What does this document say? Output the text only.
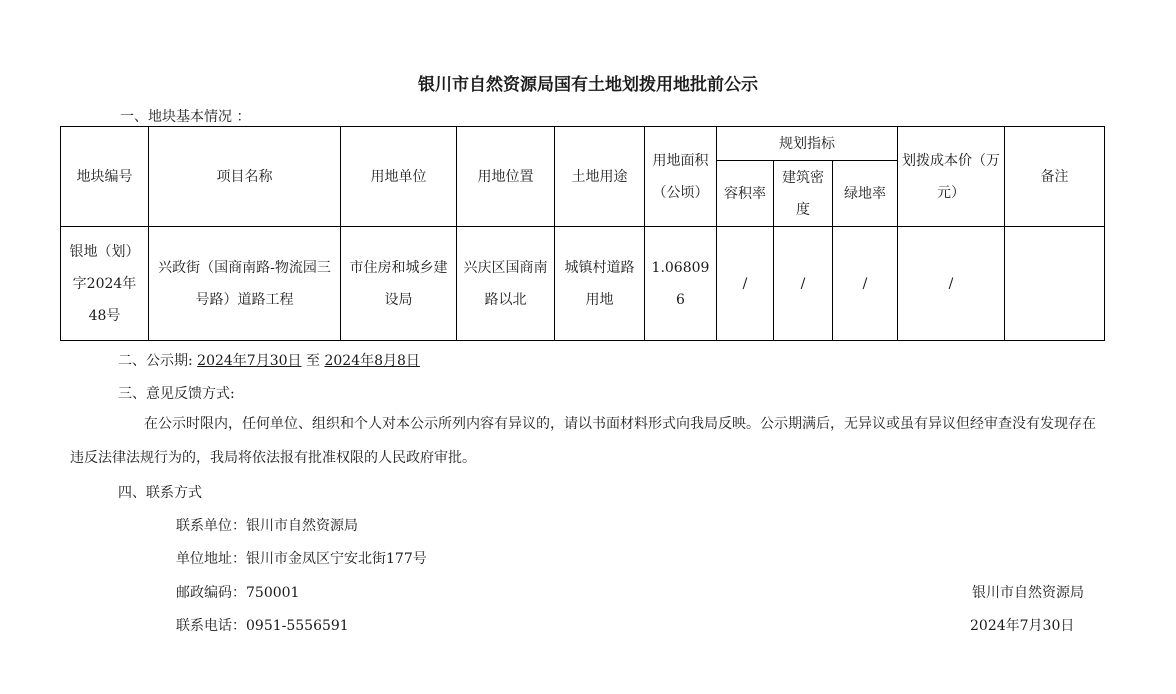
银川市自然资源局国有土地划拨用地批前公示
一、地块基本情况 ：
地块编号	项目名称	用地单位	用地位置	土地用途	用地面积（公顷）	规划指标			划拨成本价（万元）	备注
						容积率	建筑密度	绿地率		
银地（划）字2024年48号	兴政街（国商南路-物流园三号路）道路工程	市住房和城乡建设局	兴庆区国商南路以北	城镇村道路用地	1.068096	/	/	/	/	
二、公示期: 2024年7月30日 至 2024年8月8日
三、意见反馈方式:
在公示时限内，任何单位、组织和个人对本公示所列内容有异议的，请以书面材料形式向我局反映。公示期满后，无异议或虽有异议但经审查没有发现存在违反法律法规行为的，我局将依法报有批准权限的人民政府审批。
四、联系方式
联系单位：银川市自然资源局
单位地址：银川市金凤区宁安北街177号
邮政编码：750001
联系电话：0951-5556591
银川市自然资源局
2024年7月30日
